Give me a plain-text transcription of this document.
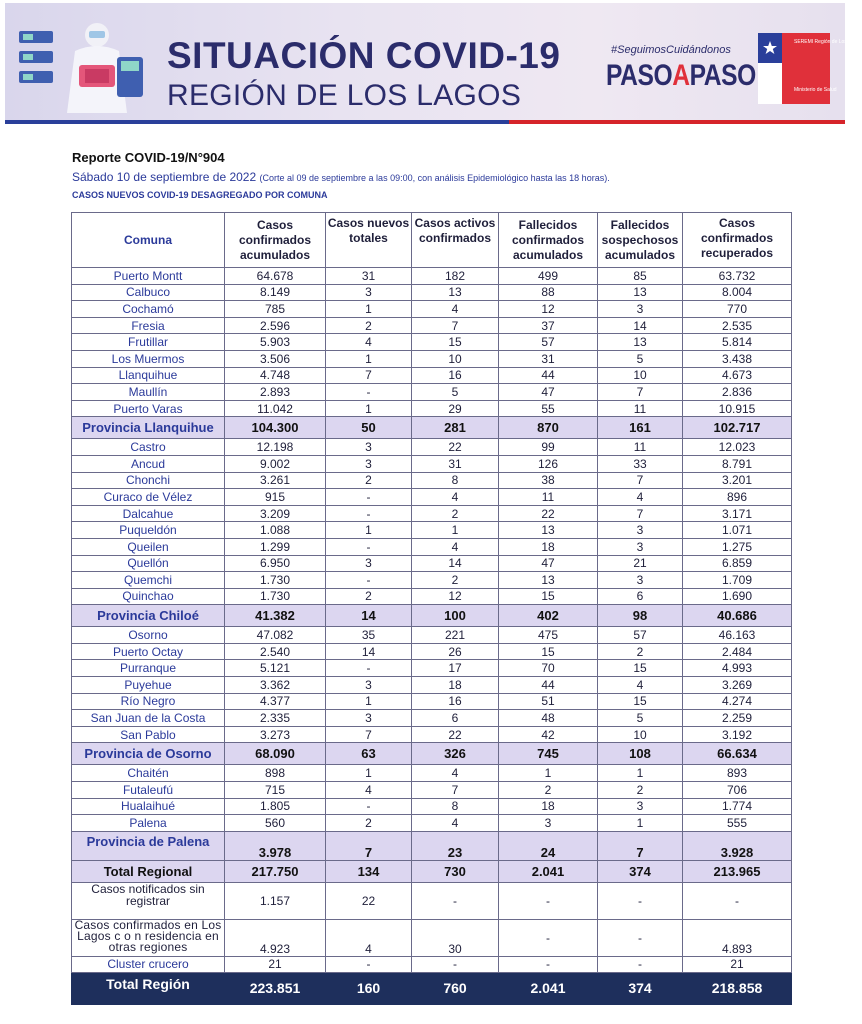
SITUACIÓN COVID-19
REGIÓN DE LOS LAGOS
#SeguimosCuidándonos
PASOAPASO
SEREMI Región de Los Lagos
Ministerio de Salud
Reporte COVID-19/N°904
Sábado 10 de septiembre de 2022 (Corte al 09 de septiembre a las 09:00, con análisis Epidemiológico hasta las 18 horas).
CASOS NUEVOS COVID-19 DESAGREGADO POR COMUNA
Comuna	Casos confirmados acumulados	Casos nuevos totales	Casos activos confirmados	Fallecidos confirmados acumulados	Fallecidos sospechosos acumulados	Casos confirmados recuperados
Puerto Montt	64.678	31	182	499	85	63.732
Calbuco	8.149	3	13	88	13	8.004
Cochamó	785	1	4	12	3	770
Fresia	2.596	2	7	37	14	2.535
Frutillar	5.903	4	15	57	13	5.814
Los Muermos	3.506	1	10	31	5	3.438
Llanquihue	4.748	7	16	44	10	4.673
Maullín	2.893	-	5	47	7	2.836
Puerto Varas	11.042	1	29	55	11	10.915
Provincia Llanquihue	104.300	50	281	870	161	102.717
Castro	12.198	3	22	99	11	12.023
Ancud	9.002	3	31	126	33	8.791
Chonchi	3.261	2	8	38	7	3.201
Curaco de Vélez	915	-	4	11	4	896
Dalcahue	3.209	-	2	22	7	3.171
Puqueldón	1.088	1	1	13	3	1.071
Queilen	1.299	-	4	18	3	1.275
Quellón	6.950	3	14	47	21	6.859
Quemchi	1.730	-	2	13	3	1.709
Quinchao	1.730	2	12	15	6	1.690
Provincia Chiloé	41.382	14	100	402	98	40.686
Osorno	47.082	35	221	475	57	46.163
Puerto Octay	2.540	14	26	15	2	2.484
Purranque	5.121	-	17	70	15	4.993
Puyehue	3.362	3	18	44	4	3.269
Río Negro	4.377	1	16	51	15	4.274
San Juan de la Costa	2.335	3	6	48	5	2.259
San Pablo	3.273	7	22	42	10	3.192
Provincia de Osorno	68.090	63	326	745	108	66.634
Chaitén	898	1	4	1	1	893
Futaleufú	715	4	7	2	2	706
Hualaihué	1.805	-	8	18	3	1.774
Palena	560	2	4	3	1	555
Provincia de Palena	3.978	7	23	24	7	3.928
Total Regional	217.750	134	730	2.041	374	213.965
Casos notificados sin registrar	1.157	22	-	-	-	-
Casos confirmados en Los Lagos c o n residencia en otras regiones	4.923	4	30	-	-	4.893
Cluster crucero	21	-	-	-	-	21
Total Región	223.851	160	760	2.041	374	218.858
